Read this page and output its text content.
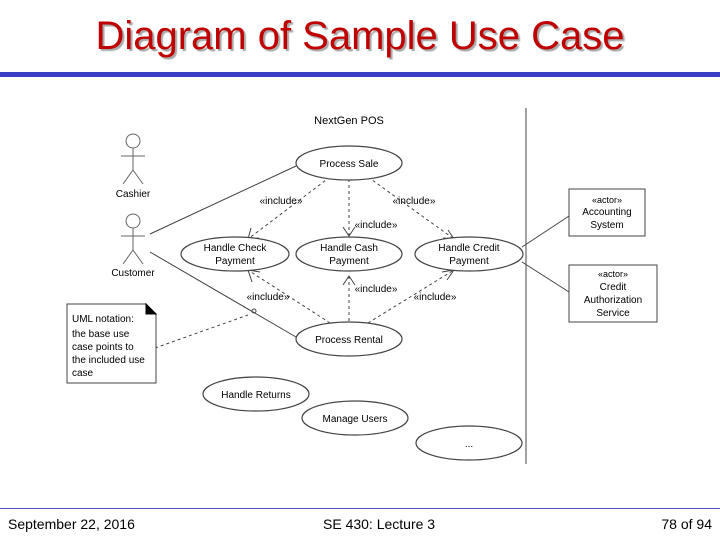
Diagram of Sample Use Case
NextGen POS
Cashier
Customer
«include»	«include»
«include»
«include»
«include»
«include»
Process Sale
Handle Check
Payment
Handle Cash
Payment
Handle Credit
Payment
Process Rental
Handle Returns
Manage Users
...
«actor»
Accounting
System
«actor»
Credit
Authorization
Service
UML notation:
the base use
case points to
the included use
case
September 22, 2016	SE 430: Lecture 3	78 of 94
